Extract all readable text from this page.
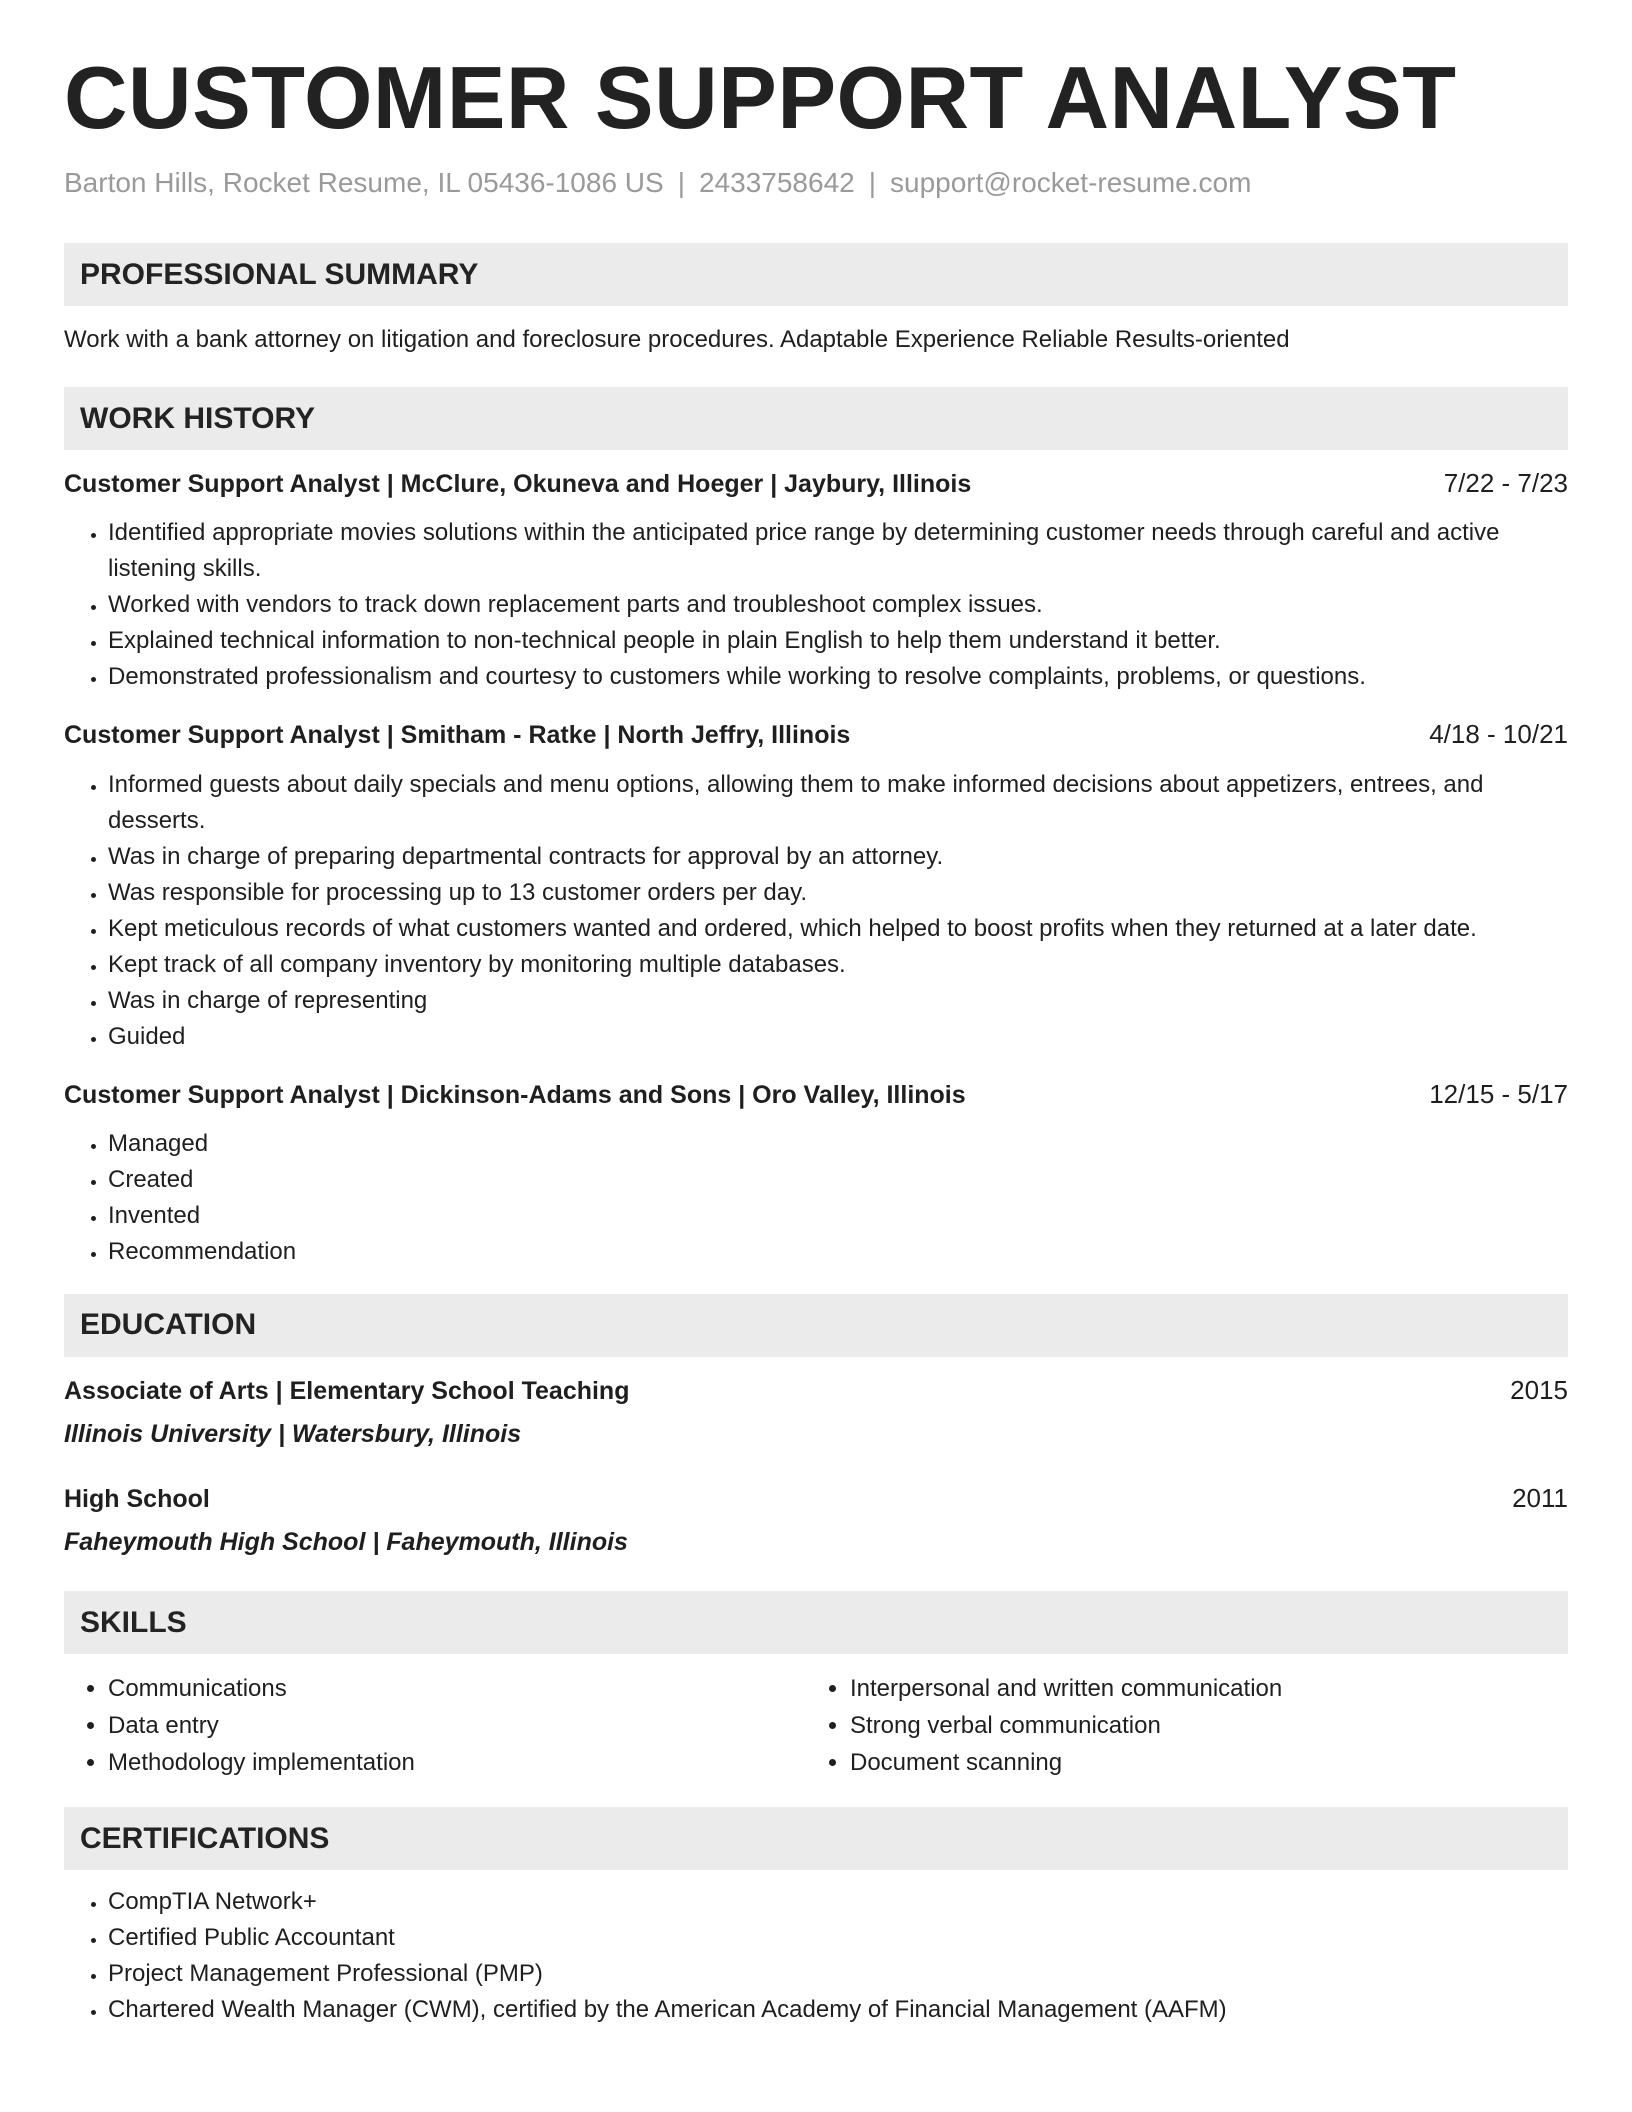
CUSTOMER SUPPORT ANALYST
Barton Hills, Rocket Resume, IL 05436-1086 US | 2433758642 | support@rocket-resume.com
PROFESSIONAL SUMMARY
Work with a bank attorney on litigation and foreclosure procedures. Adaptable Experience Reliable Results-oriented
WORK HISTORY
Customer Support Analyst | McClure, Okuneva and Hoeger | Jaybury, Illinois	7/22 - 7/23
• Identified appropriate movies solutions within the anticipated price range by determining customer needs through careful and active listening skills.
• Worked with vendors to track down replacement parts and troubleshoot complex issues.
• Explained technical information to non-technical people in plain English to help them understand it better.
• Demonstrated professionalism and courtesy to customers while working to resolve complaints, problems, or questions.
Customer Support Analyst | Smitham - Ratke | North Jeffry, Illinois	4/18 - 10/21
• Informed guests about daily specials and menu options, allowing them to make informed decisions about appetizers, entrees, and desserts.
• Was in charge of preparing departmental contracts for approval by an attorney.
• Was responsible for processing up to 13 customer orders per day.
• Kept meticulous records of what customers wanted and ordered, which helped to boost profits when they returned at a later date.
• Kept track of all company inventory by monitoring multiple databases.
• Was in charge of representing
• Guided
Customer Support Analyst | Dickinson-Adams and Sons | Oro Valley, Illinois	12/15 - 5/17
• Managed
• Created
• Invented
• Recommendation
EDUCATION
Associate of Arts | Elementary School Teaching	2015
Illinois University | Watersbury, Illinois
High School	2011
Faheymouth High School | Faheymouth, Illinois
SKILLS
• Communications
• Data entry
• Methodology implementation
• Interpersonal and written communication
• Strong verbal communication
• Document scanning
CERTIFICATIONS
• CompTIA Network+
• Certified Public Accountant
• Project Management Professional (PMP)
• Chartered Wealth Manager (CWM), certified by the American Academy of Financial Management (AAFM)
